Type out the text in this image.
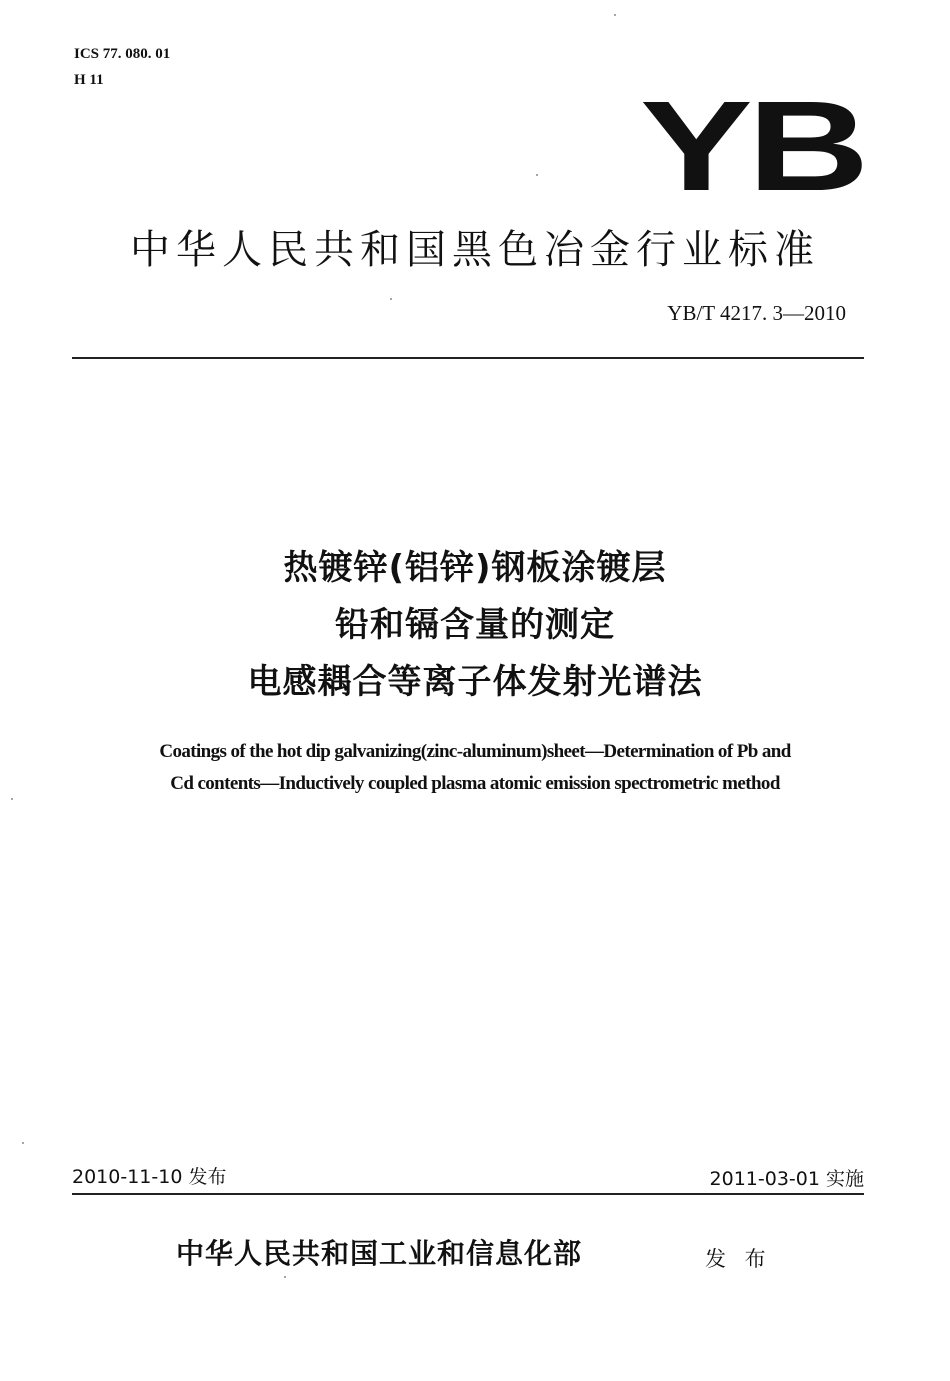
ICS 77. 080. 01
H 11	YB
中华人民共和国黑色冶金行业标准
YB/T 4217. 3—2010
热镀锌(铝锌)钢板涂镀层
铅和镉含量的测定
电感耦合等离子体发射光谱法
Coatings of the hot dip galvanizing(zinc-aluminum)sheet—Determination of Pb and
Cd contents—Inductively coupled plasma atomic emission spectrometric method
2010-11-10 发布	2011-03-01 实施
中华人民共和国工业和信息化部	发 布
